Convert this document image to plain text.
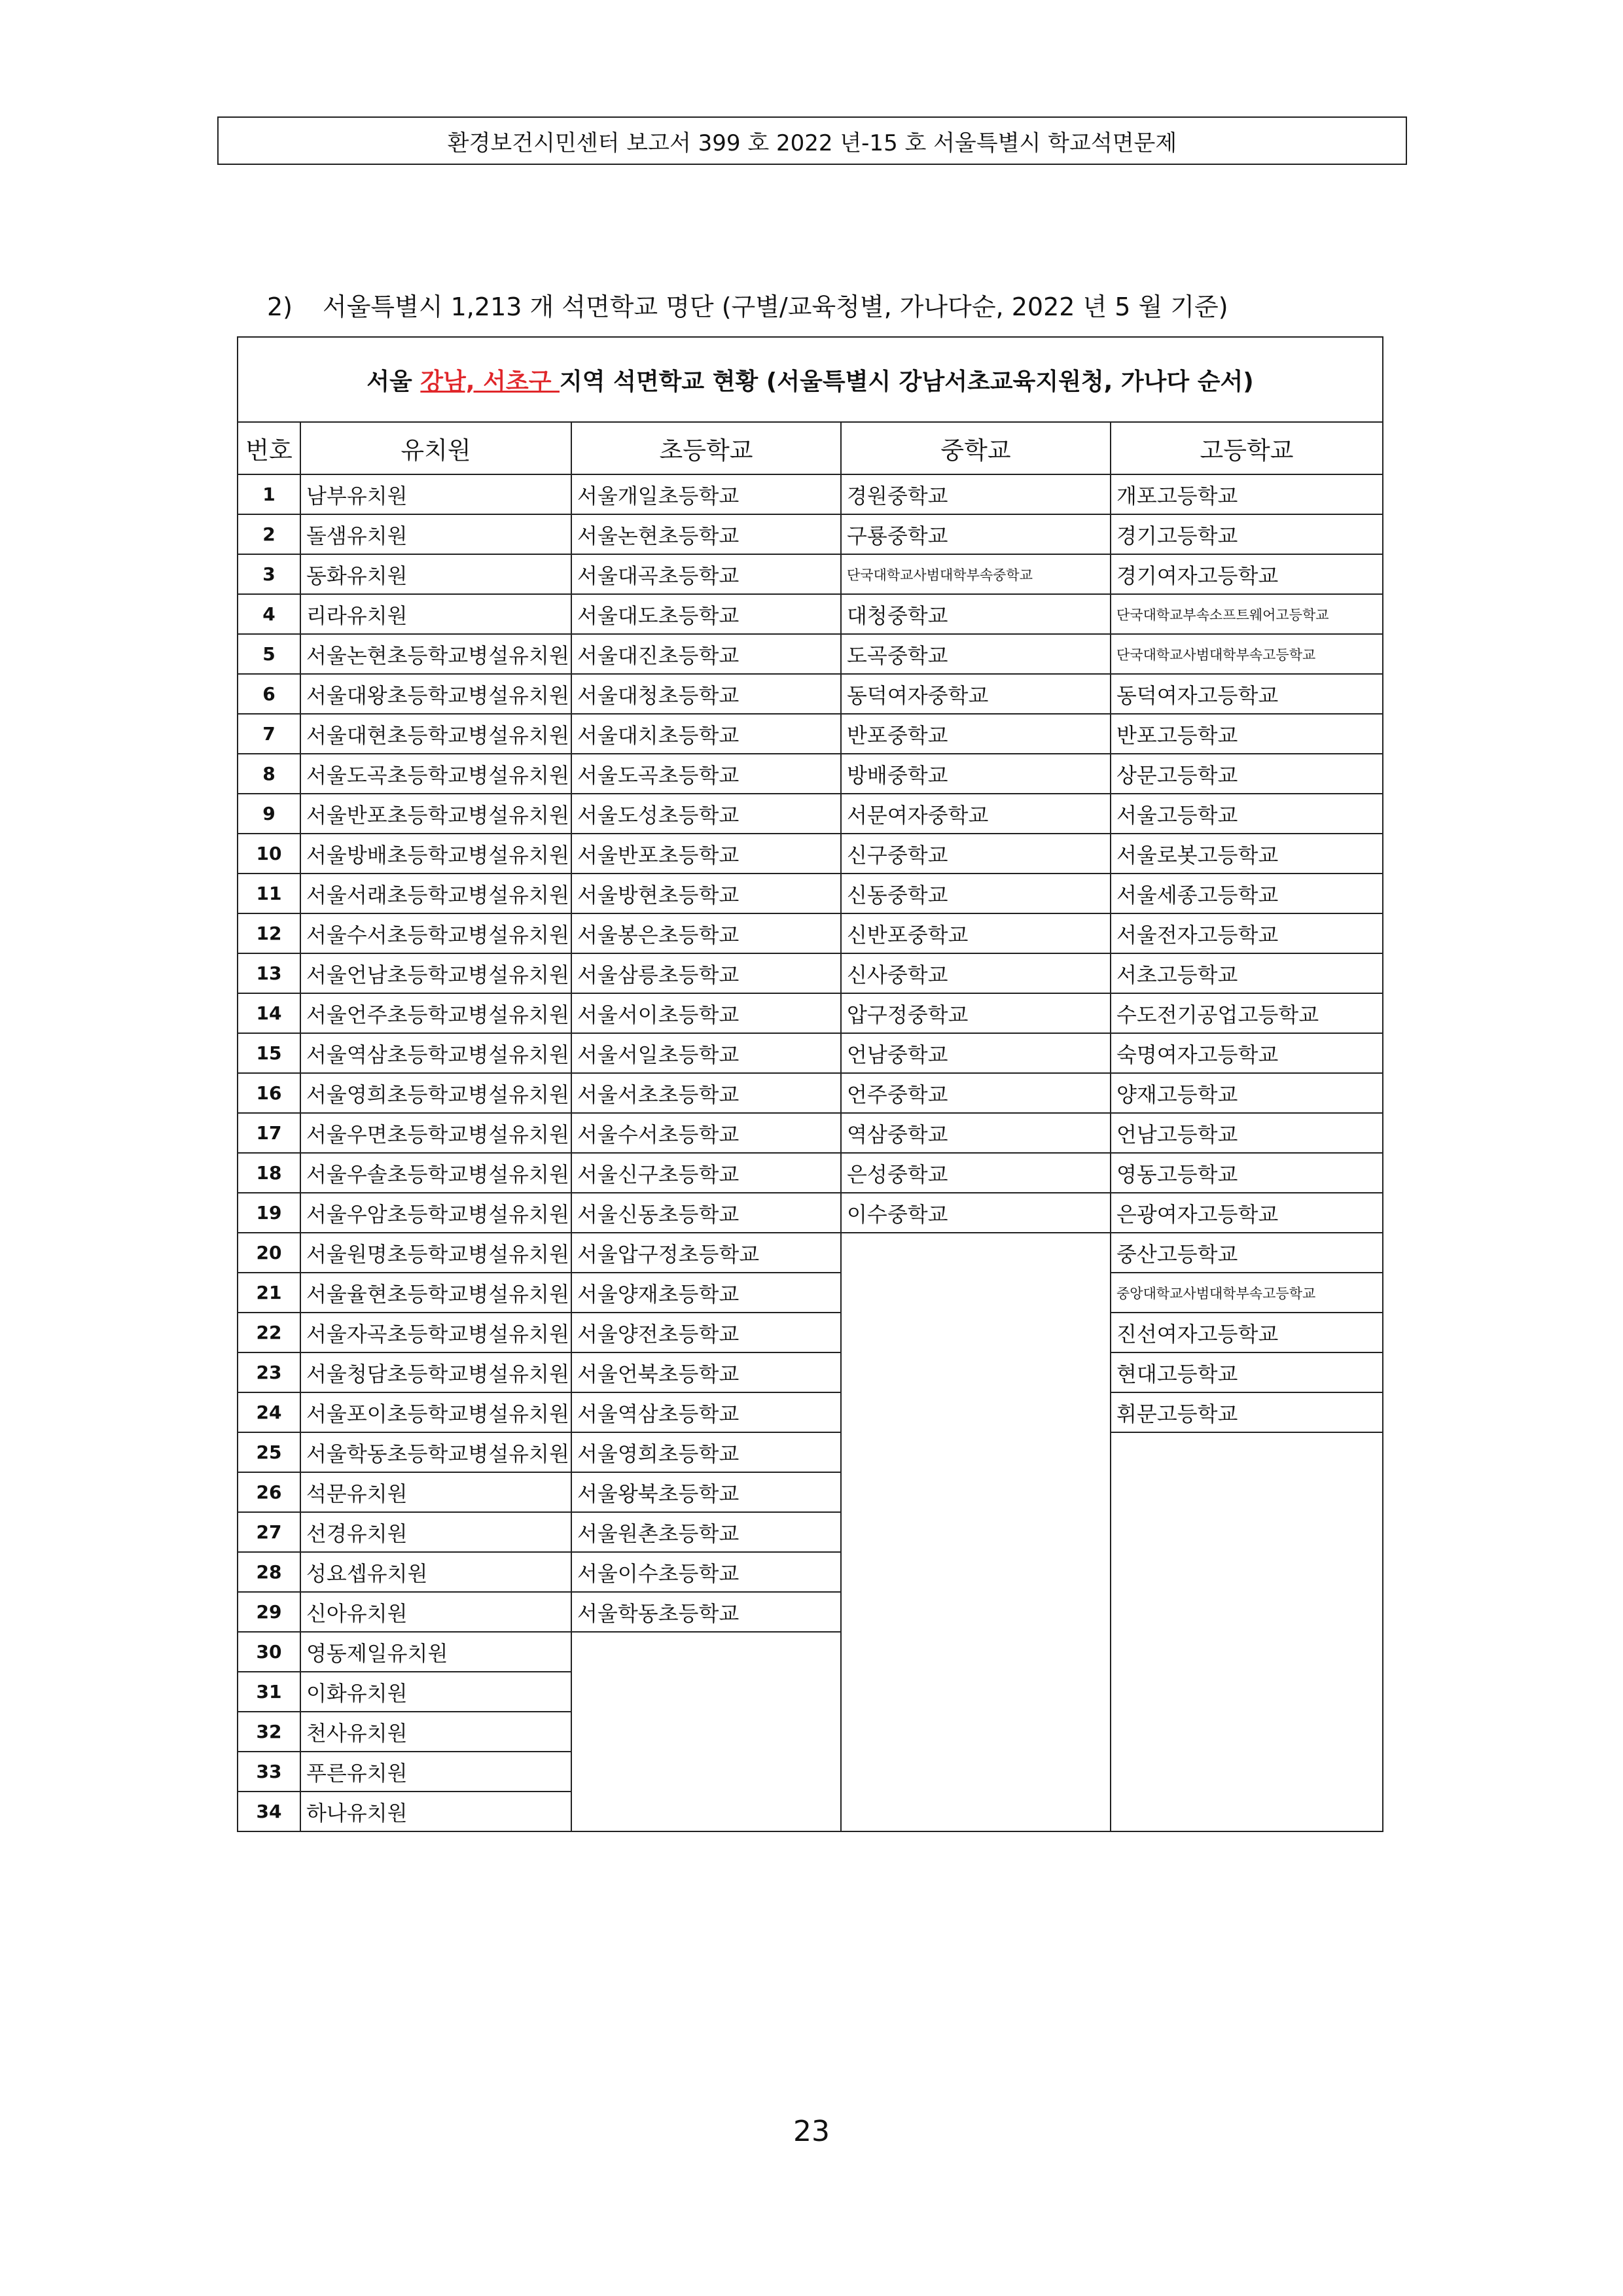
환경보건시민센터 보고서 399 호 2022 년-15 호 서울특별시 학교석면문제
2) 서울특별시 1,213 개 석면학교 명단 (구별/교육청별, 가나다순, 2022 년 5 월 기준)
서울 강남, 서초구 지역 석면학교 현황 (서울특별시 강남서초교육지원청, 가나다 순서)				
번호	유치원	초등학교	중학교	고등학교
1	남부유치원	서울개일초등학교	경원중학교	개포고등학교
2	돌샘유치원	서울논현초등학교	구룡중학교	경기고등학교
3	동화유치원	서울대곡초등학교	단국대학교사범대학부속중학교	경기여자고등학교
4	리라유치원	서울대도초등학교	대청중학교	단국대학교부속소프트웨어고등학교
5	서울논현초등학교병설유치원	서울대진초등학교	도곡중학교	단국대학교사범대학부속고등학교
6	서울대왕초등학교병설유치원	서울대청초등학교	동덕여자중학교	동덕여자고등학교
7	서울대현초등학교병설유치원	서울대치초등학교	반포중학교	반포고등학교
8	서울도곡초등학교병설유치원	서울도곡초등학교	방배중학교	상문고등학교
9	서울반포초등학교병설유치원	서울도성초등학교	서문여자중학교	서울고등학교
10	서울방배초등학교병설유치원	서울반포초등학교	신구중학교	서울로봇고등학교
11	서울서래초등학교병설유치원	서울방현초등학교	신동중학교	서울세종고등학교
12	서울수서초등학교병설유치원	서울봉은초등학교	신반포중학교	서울전자고등학교
13	서울언남초등학교병설유치원	서울삼릉초등학교	신사중학교	서초고등학교
14	서울언주초등학교병설유치원	서울서이초등학교	압구정중학교	수도전기공업고등학교
15	서울역삼초등학교병설유치원	서울서일초등학교	언남중학교	숙명여자고등학교
16	서울영희초등학교병설유치원	서울서초초등학교	언주중학교	양재고등학교
17	서울우면초등학교병설유치원	서울수서초등학교	역삼중학교	언남고등학교
18	서울우솔초등학교병설유치원	서울신구초등학교	은성중학교	영동고등학교
19	서울우암초등학교병설유치원	서울신동초등학교	이수중학교	은광여자고등학교
20	서울원명초등학교병설유치원	서울압구정초등학교		중산고등학교
21	서울율현초등학교병설유치원	서울양재초등학교		중앙대학교사범대학부속고등학교
22	서울자곡초등학교병설유치원	서울양전초등학교		진선여자고등학교
23	서울청담초등학교병설유치원	서울언북초등학교		현대고등학교
24	서울포이초등학교병설유치원	서울역삼초등학교		휘문고등학교
25	서울학동초등학교병설유치원	서울영희초등학교		
26	석문유치원	서울왕북초등학교		
27	선경유치원	서울원촌초등학교		
28	성요셉유치원	서울이수초등학교		
29	신아유치원	서울학동초등학교		
30	영동제일유치원			
31	이화유치원			
32	천사유치원			
33	푸른유치원			
34	하나유치원			
23
